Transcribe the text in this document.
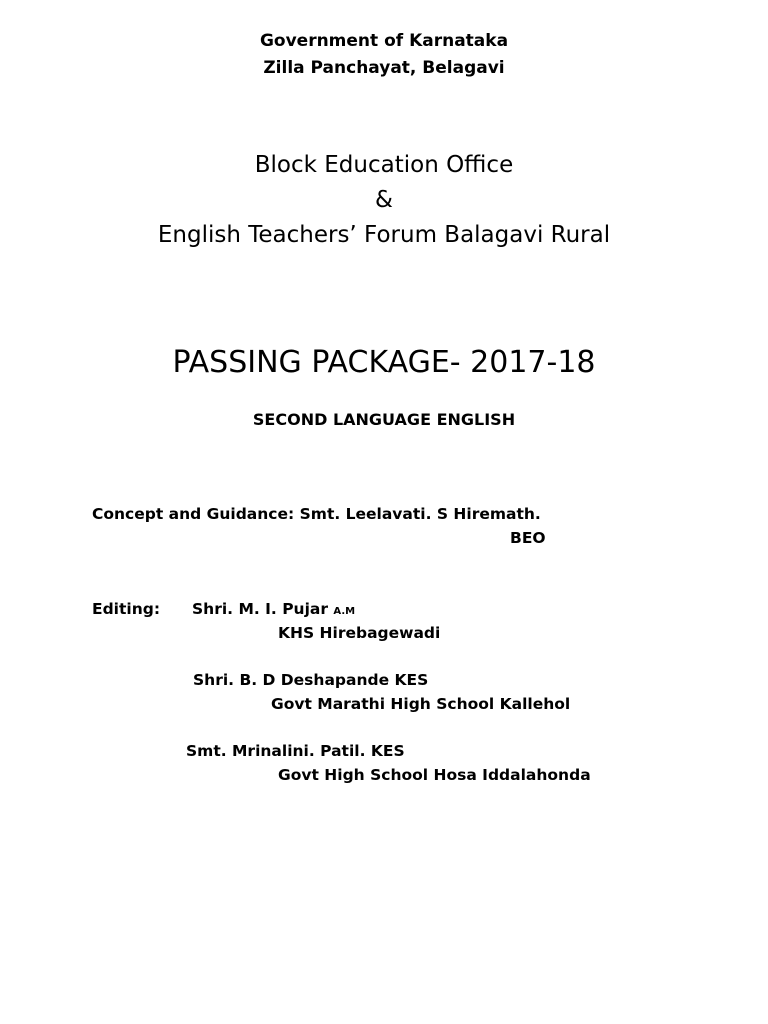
Government of Karnataka
Zilla Panchayat, Belagavi
Block Education Office
&
English Teachers’ Forum Balagavi Rural
PASSING PACKAGE- 2017-18
SECOND LANGUAGE ENGLISH
Concept and Guidance: Smt. Leelavati. S Hiremath.
BEO
Editing: Shri. M. I. Pujar A.M
KHS Hirebagewadi
Shri. B. D Deshapande KES
Govt Marathi High School Kallehol
Smt. Mrinalini. Patil. KES
Govt High School Hosa Iddalahonda
